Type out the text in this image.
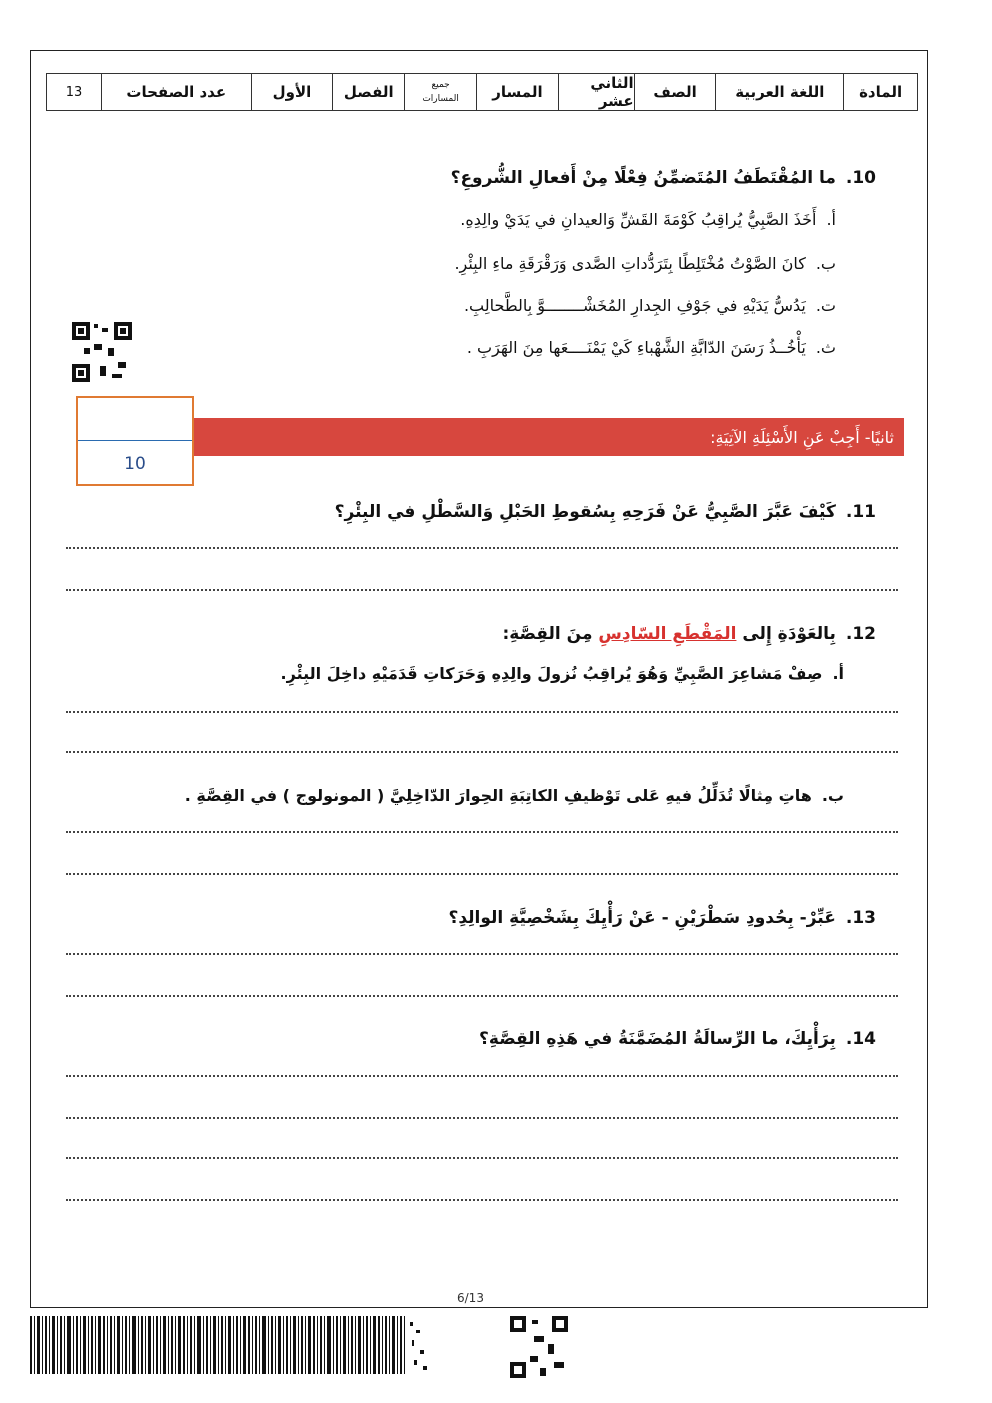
المادة
اللغة العربية
الصف
الثاني عشر
المسار
جميع
المسارات
الفصل
الأول
عدد الصفحات
13
10.ما المُقْتَطَفُ المُتَضمِّنُ فِعْلًا مِنْ أَفعالِ الشُّروعِ؟
أ.أَخَذَ الصَّبِيُّ يُراقِبُ كَوْمَةَ القَشِّ وَالعيدانِ في يَدَيْ والِدِهِ.
ب.كانَ الصَّوْتُ مُخْتَلِطًا بِتَرَدُّداتِ الصَّدى وَرَقْرَقَةِ ماءِ البِئْرِ.
ت.يَدُسُّ يَدَيْهِ في جَوْفِ الجِدارِ المُخَشْــــــــوَّ بِالطَّحالِبِ.
ث.يَأْخُــذُ رَسَنَ الدّابَّةِ الشَّهْباءِ كَيْ يَمْنَــــعَها مِنَ الهَرَبِ .
ثانيًا- أَجِبْ عَنِ الأَسْئِلَةِ الآتِيَةِ:
10
11.كَيْفَ عَبَّرَ الصَّبِيُّ عَنْ فَرَحِهِ بِسُقوطِ الحَبْلِ وَالسَّطْلِ في البِئْرِ؟
12.بِالعَوْدَةِ إِلى المَقْطَعِ السّادِسِ مِنَ القِصَّةِ:
أ.صِفْ مَشاعِرَ الصَّبِيِّ وَهُوَ يُراقِبُ نُزولَ والِدِهِ وَحَرَكاتِ قَدَمَيْهِ داخِلَ البِئْرِ.
ب.هاتِ مِثالًا تُدَلِّلُ فيهِ عَلى تَوْظيفِ الكاتِبَةِ الحِوارَ الدّاخِلِيَّ ( المونولوج ) في القِصَّةِ .
13.عَبِّرْ- بِحُدودِ سَطْرَيْنِ - عَنْ رَأْيِكَ بِشَخْصِيَّةِ الوالِدِ؟
14.بِرَأْيِكَ، ما الرِّسالَةُ المُضَمَّنَةُ في هَذِهِ القِصَّةِ؟
6/13
